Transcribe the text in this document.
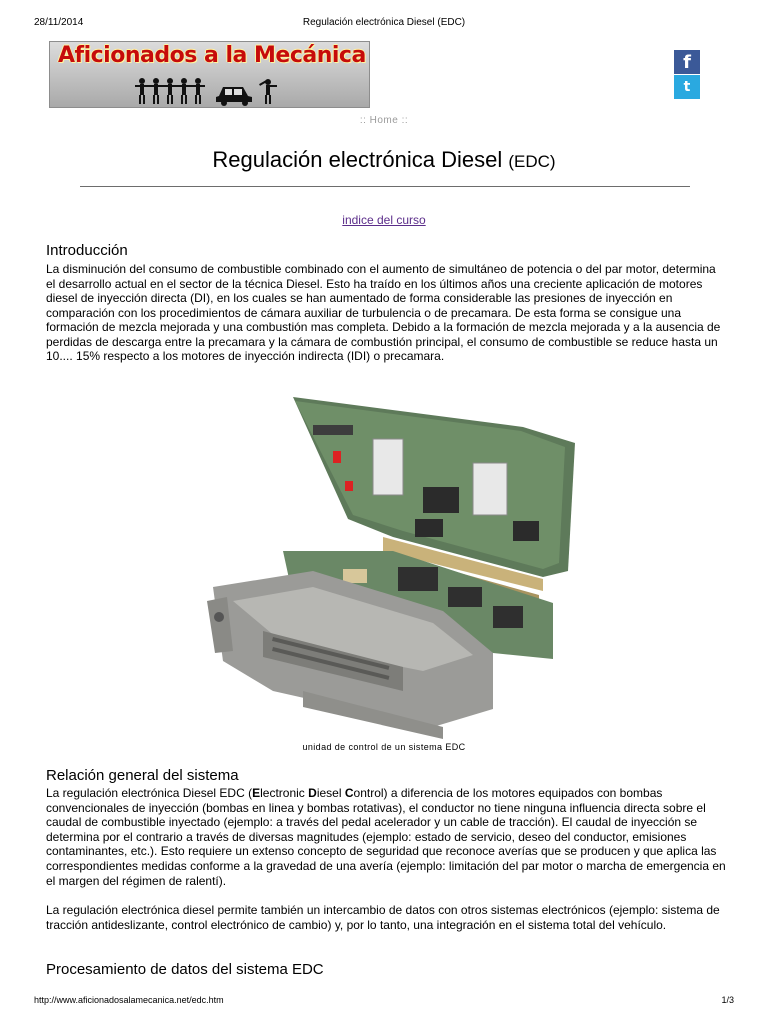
28/11/2014	Regulación electrónica Diesel (EDC)
Aficionados a la Mecánica	f
t
:: Home ::
Regulación electrónica Diesel (EDC)
indice del curso
Introducción

La disminución del consumo de combustible combinado con el aumento de simultáneo de potencia o del par motor, determina el desarrollo actual en el sector de la técnica Diesel. Esto ha traído en los últimos años una creciente aplicación de motores diesel de inyección directa (DI), en los cuales se han aumentado de forma considerable las presiones de inyección en comparación con los procedimientos de cámara auxiliar de turbulencia o de precamara. De esta forma se consigue una formación de mezcla mejorada y una combustión mas completa. Debido a la formación de mezcla mejorada y a la ausencia de perdidas de descarga entre la precamara y la cámara de combustión principal, el consumo de combustible se reduce hasta un 10.... 15% respecto a los motores de inyección indirecta (IDI) o precamara.

unidad de control de un sistema EDC
Relación general del sistema

La regulación electrónica Diesel EDC (Electronic Diesel Control) a diferencia de los motores equipados con bombas convencionales de inyección (bombas en linea y bombas rotativas), el conductor no tiene ninguna influencia directa sobre el caudal de combustible inyectado (ejemplo: a través del pedal acelerador y un cable de tracción). El caudal de inyección se determina por el contrario a través de diversas magnitudes (ejemplo: estado de servicio, deseo del conductor, emisiones contaminantes, etc.). Esto requiere un extenso concepto de seguridad que reconoce averías que se producen y que aplica las correspondientes medidas conforme a la gravedad de una avería (ejemplo: limitación del par motor o marcha de emergencia en el margen del régimen de ralentí).

La regulación electrónica diesel permite también un intercambio de datos con otros sistemas electrónicos (ejemplo: sistema de tracción antideslizante, control electrónico de cambio) y, por lo tanto, una integración en el sistema total del vehículo.

Procesamiento de datos del sistema EDC
http://www.aficionadosalamecanica.net/edc.htm	1/3
